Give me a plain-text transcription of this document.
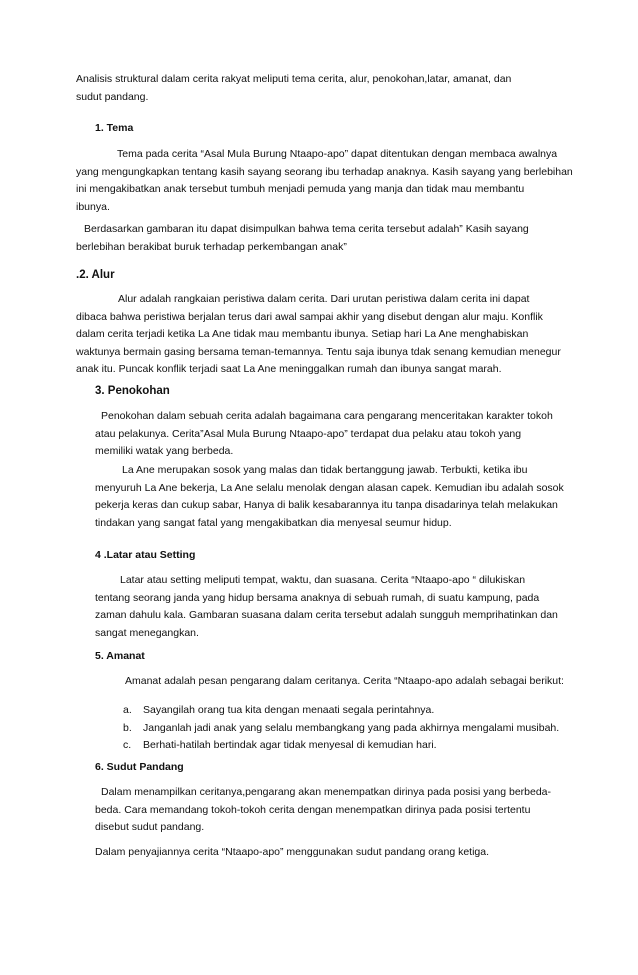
Analisis struktural dalam cerita rakyat meliputi tema cerita, alur, penokohan,latar, amanat, dan

sudut pandang.

1. Tema

Tema pada cerita “Asal Mula Burung Ntaapo-apo” dapat ditentukan dengan membaca awalnya

yang mengungkapkan tentang kasih sayang seorang ibu terhadap anaknya. Kasih sayang yang berlebihan

ini mengakibatkan anak tersebut tumbuh menjadi pemuda yang manja dan tidak mau membantu

ibunya.

Berdasarkan gambaran itu dapat disimpulkan bahwa tema cerita tersebut adalah” Kasih sayang

berlebihan berakibat buruk terhadap perkembangan anak”

.2. Alur

Alur adalah rangkaian peristiwa dalam cerita. Dari urutan peristiwa dalam cerita ini dapat

dibaca bahwa peristiwa berjalan terus dari awal sampai akhir yang disebut dengan alur maju. Konflik

dalam cerita terjadi ketika La Ane tidak mau membantu ibunya. Setiap hari La Ane menghabiskan

waktunya bermain gasing bersama teman-temannya. Tentu saja ibunya tdak senang kemudian menegur

anak itu. Puncak konflik terjadi saat La Ane meninggalkan rumah dan ibunya sangat marah.

3. Penokohan

Penokohan dalam sebuah cerita adalah bagaimana cara pengarang menceritakan karakter tokoh

atau pelakunya. Cerita”Asal Mula Burung Ntaapo-apo” terdapat dua pelaku atau tokoh yang

memiliki watak yang berbeda.

La Ane merupakan sosok yang malas dan tidak bertanggung jawab. Terbukti, ketika ibu

menyuruh La Ane bekerja, La Ane selalu menolak dengan alasan capek. Kemudian ibu adalah sosok

pekerja keras dan cukup sabar, Hanya di balik kesabarannya itu tanpa disadarinya telah melakukan

tindakan yang sangat fatal yang mengakibatkan dia menyesal seumur hidup.

4 .Latar atau Setting

Latar atau setting meliputi tempat, waktu, dan suasana. Cerita “Ntaapo-apo “ dilukiskan

tentang seorang janda yang hidup bersama anaknya di sebuah rumah, di suatu kampung, pada

zaman dahulu kala. Gambaran suasana dalam cerita tersebut adalah sungguh memprihatinkan dan

sangat menegangkan.

5. Amanat
Amanat adalah pesan pengarang dalam ceritanya. Cerita “Ntaapo-apo adalah sebagai berikut:
a.	Sayangilah orang tua kita dengan menaati segala perintahnya.
b.	Janganlah jadi anak yang selalu membangkang yang pada akhirnya mengalami musibah.
c.	Berhati-hatilah bertindak agar tidak menyesal di kemudian hari.
6. Sudut Pandang

Dalam menampilkan ceritanya,pengarang akan menempatkan dirinya pada posisi yang berbeda-

beda. Cara memandang tokoh-tokoh cerita dengan menempatkan dirinya pada posisi tertentu

disebut sudut pandang.

Dalam penyajiannya cerita “Ntaapo-apo” menggunakan sudut pandang orang ketiga.
